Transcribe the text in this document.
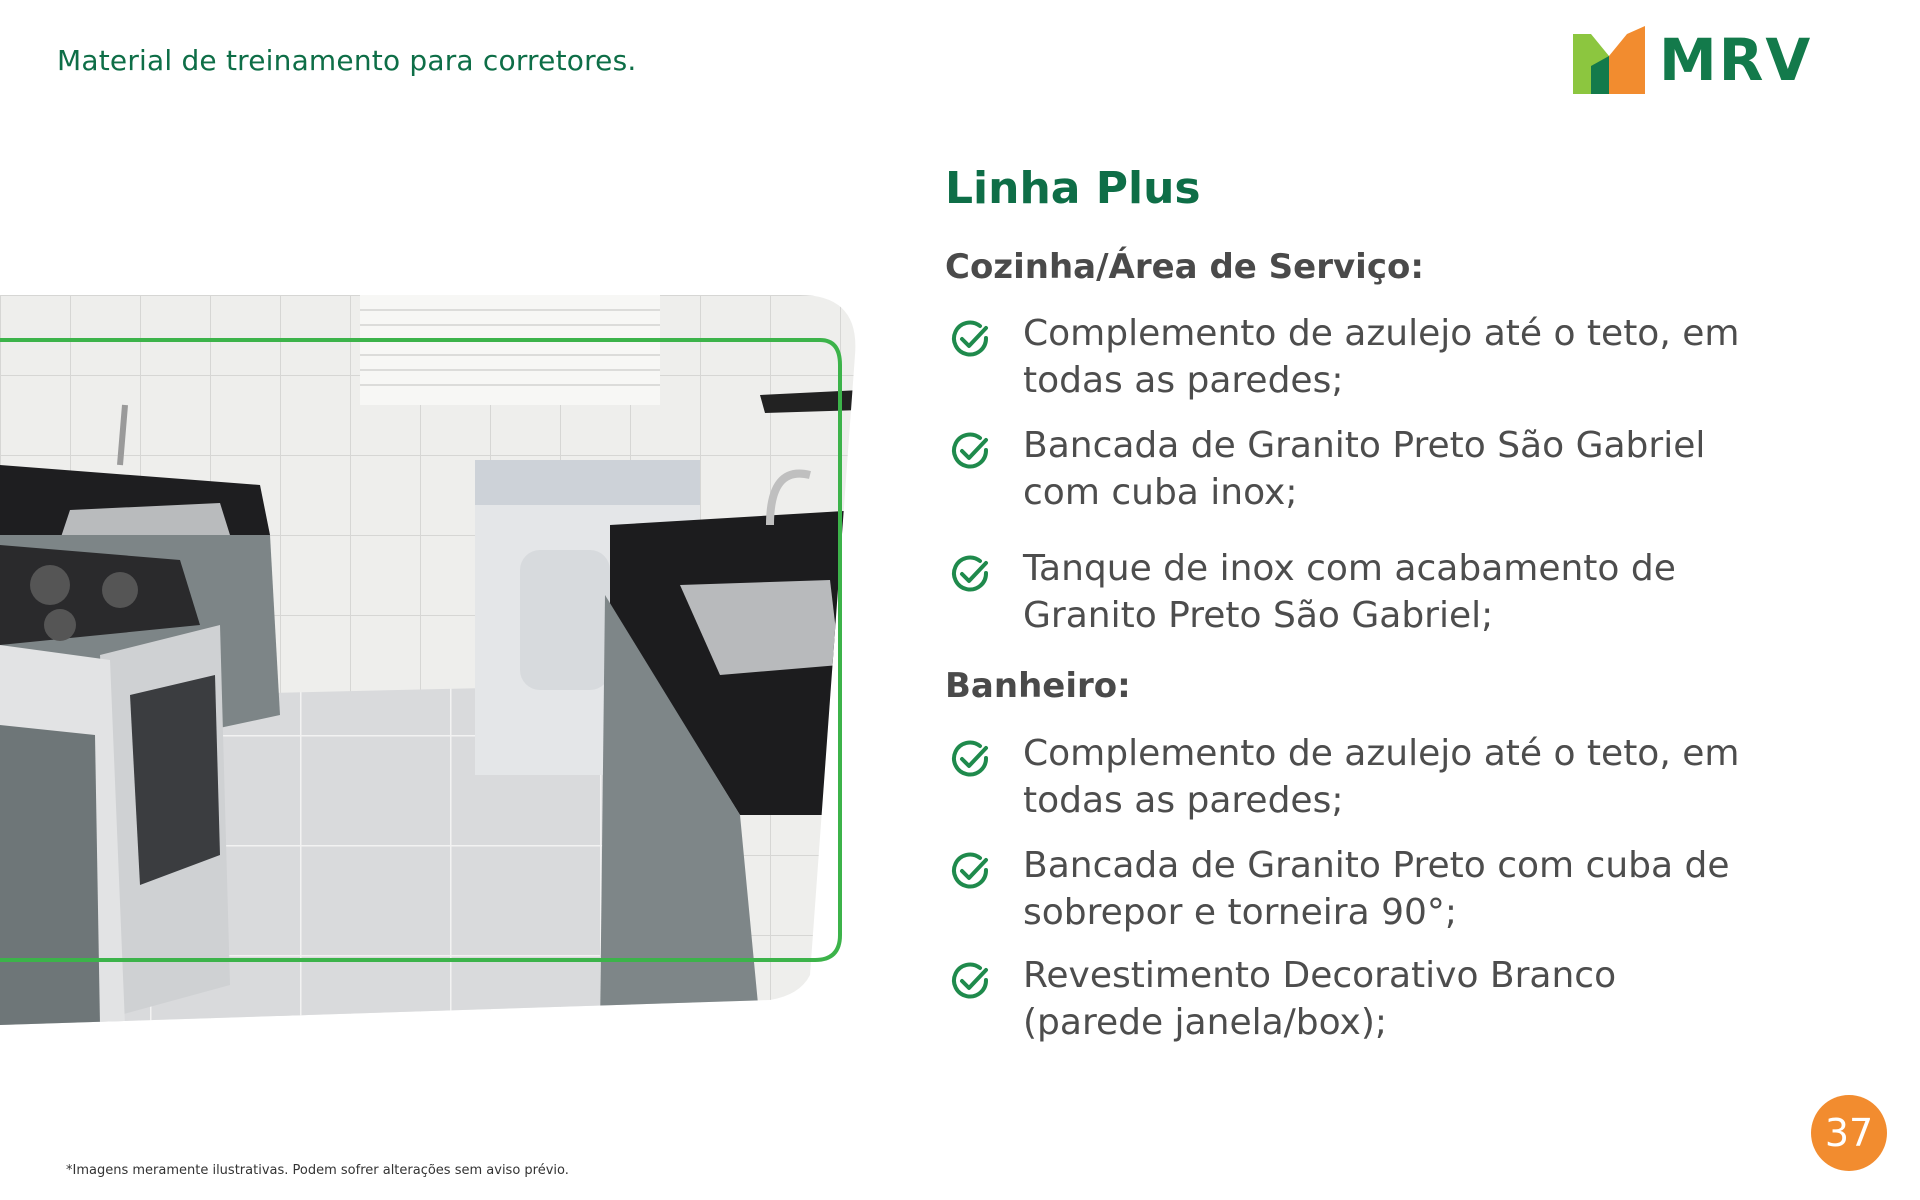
Material de treinamento para corretores.	MRV
Linha Plus
Cozinha/Área de Serviço:
Complemento de azulejo até o teto, em todas as paredes;
Bancada de Granito Preto São Gabriel com cuba inox;
Tanque de inox com acabamento de Granito Preto São Gabriel;
Banheiro:
Complemento de azulejo até o teto, em todas as paredes;
Bancada de Granito Preto com cuba de sobrepor e torneira 90°;
Revestimento Decorativo Branco (parede janela/box);
*Imagens meramente ilustrativas. Podem sofrer alterações sem aviso prévio.
37
